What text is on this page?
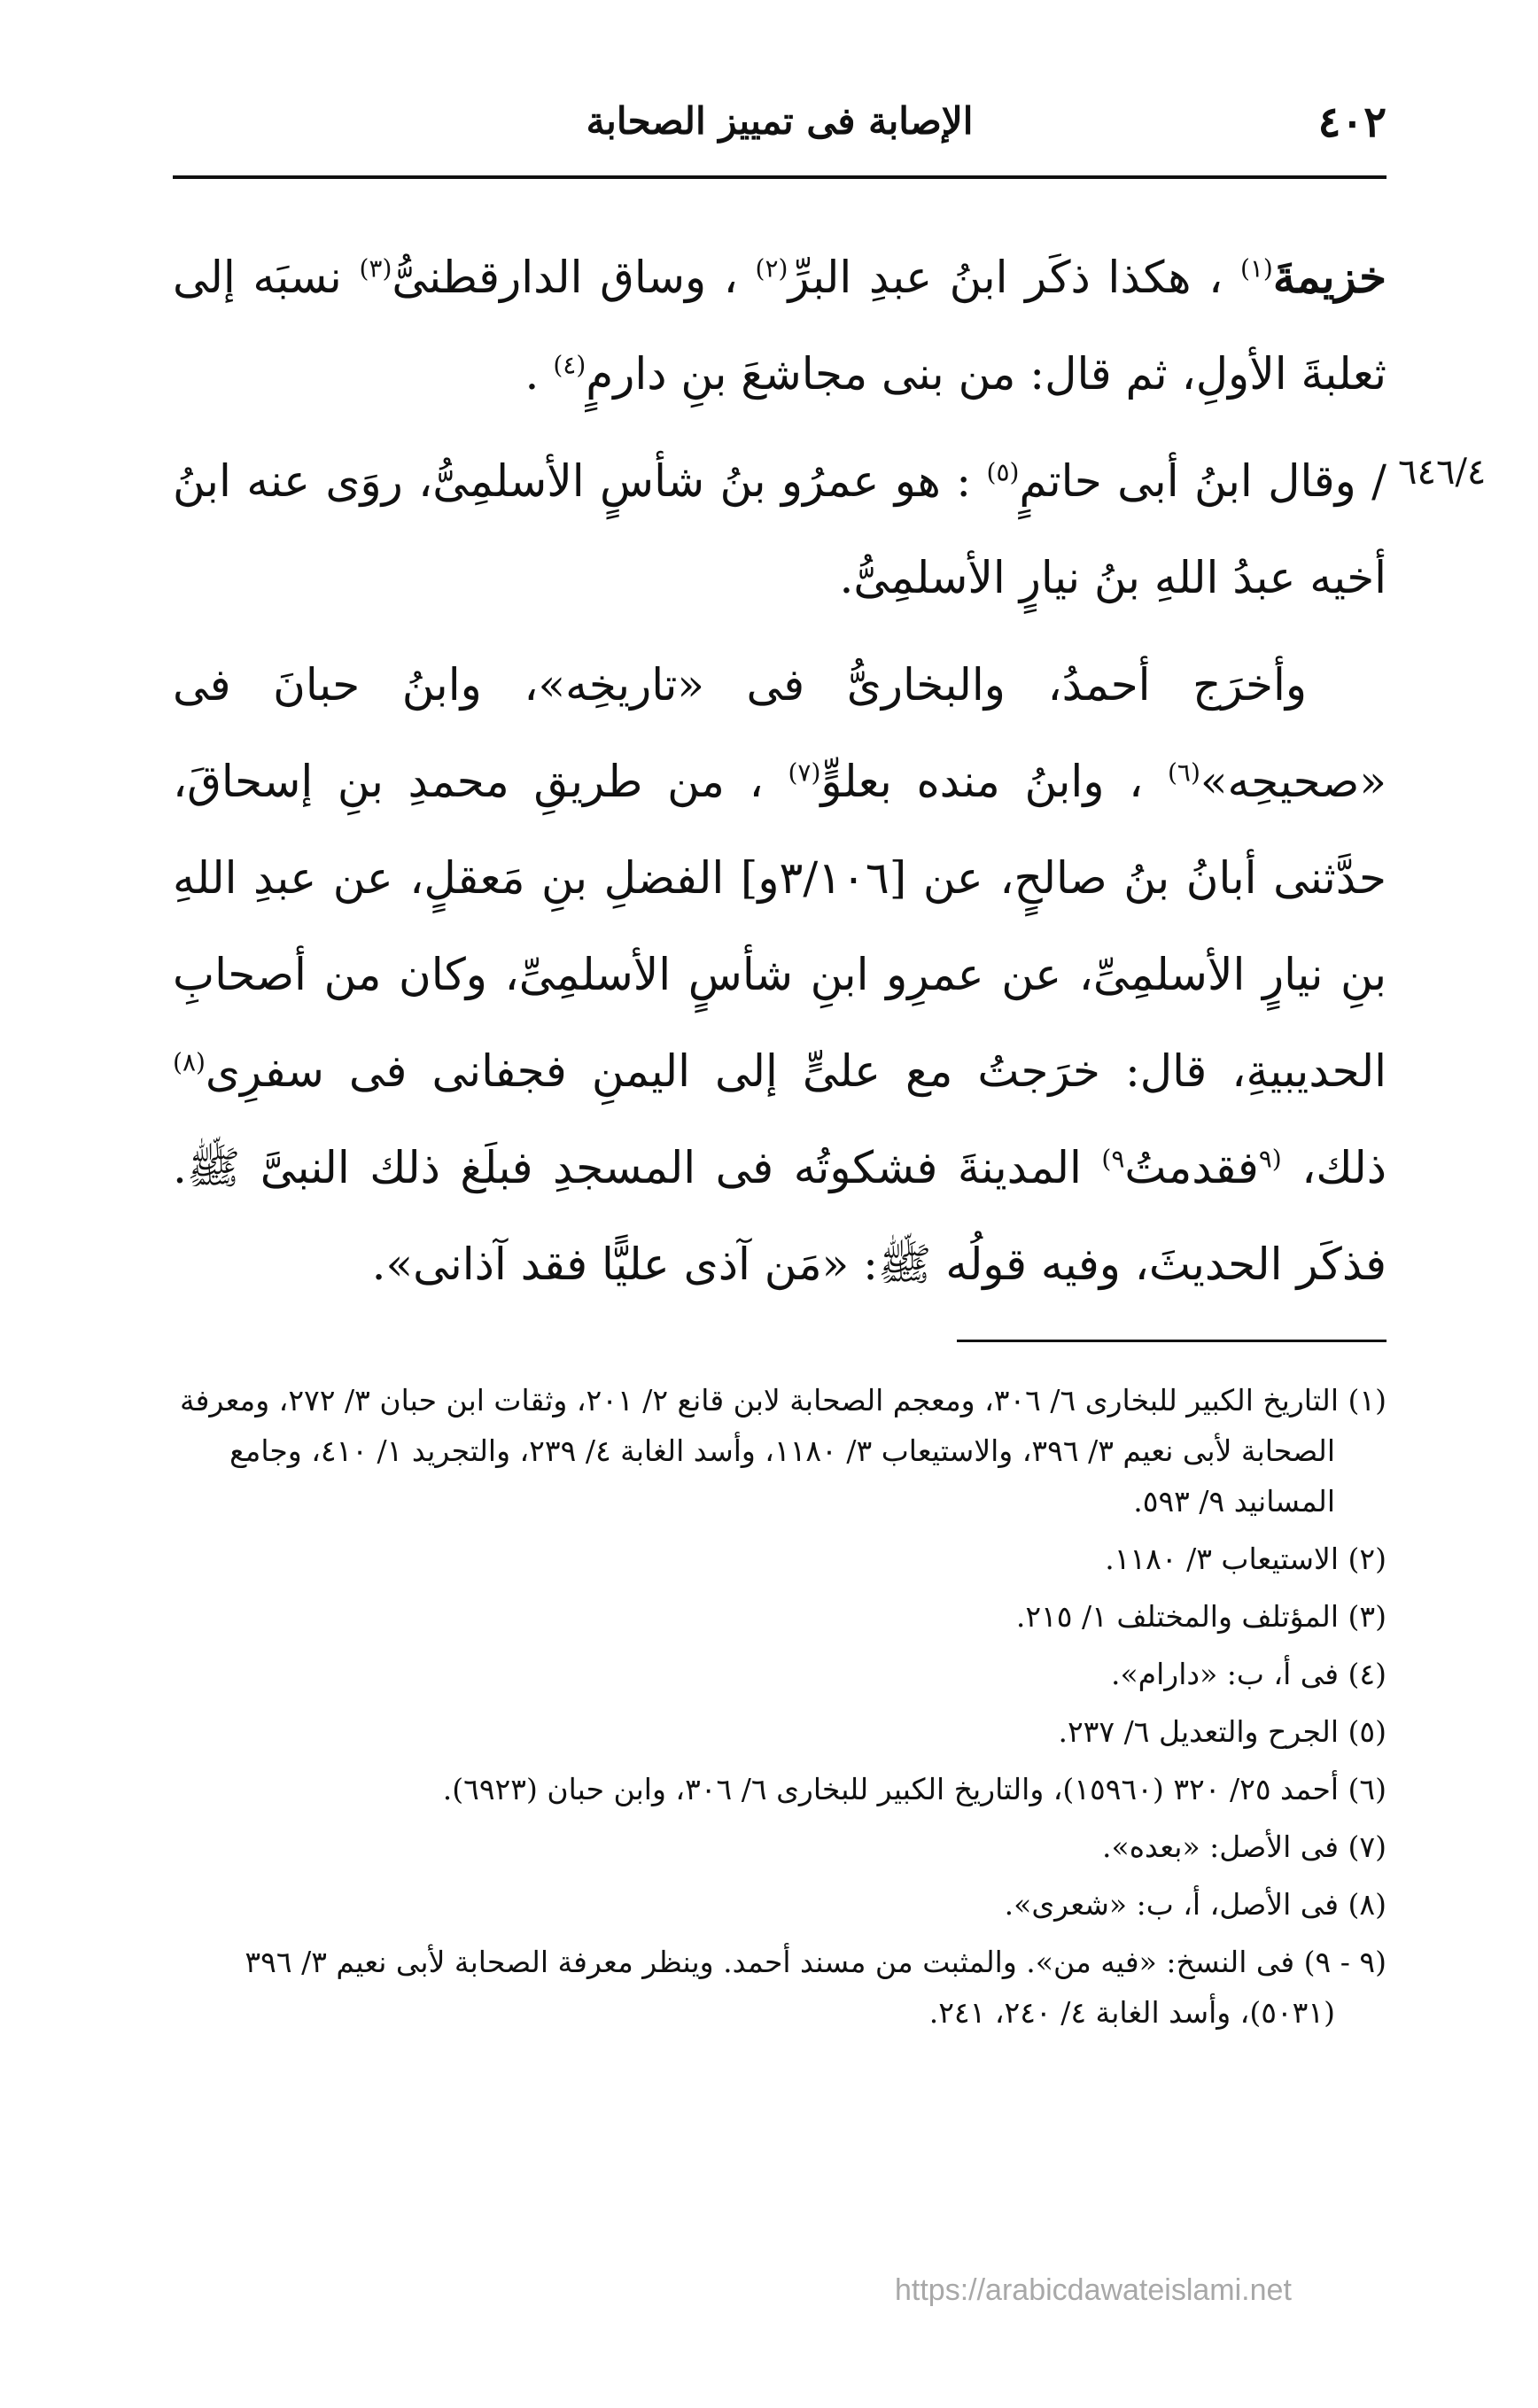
٤٠٢
الإصابة فى تمييز الصحابة
٦٤٦/٤

خزيمةَ$^{(١)}$ ، هكذا ذكَر ابنُ عبدِ البرِّ$^{(٢)}$ ، وساق الدارقطنىُّ$^{(٣)}$ نسبَه إلى ثعلبةَ الأولِ، ثم قال: من بنى مجاشعَ بنِ دارمٍ$^{(٤)}$ .

/ وقال ابنُ أبى حاتمٍ$^{(٥)}$ : هو عمرُو بنُ شأسٍ الأسلمِىُّ، روَى عنه ابنُ أخيه عبدُ اللهِ بنُ نيارٍ الأسلمِىُّ.

وأخرَج أحمدُ، والبخارىُّ فى «تاريخِه»، وابنُ حبانَ فى «صحيحِه»$^{(٦)}$ ، وابنُ منده بعلوٍّ$^{(٧)}$ ، من طريقِ محمدِ بنِ إسحاقَ، حدَّثنى أبانُ بنُ صالحٍ، عن [٣/١٠٦و] الفضلِ بنِ مَعقلٍ، عن عبدِ اللهِ بنِ نيارٍ الأسلمِىِّ، عن عمرِو ابنِ شأسٍ الأسلمِىِّ، وكان من أصحابِ الحديبيةِ، قال: خرَجتُ مع علىٍّ إلى اليمنِ فجفانى فى سفرِى$^{(٨)}$ ذلك، $^{(٩}$فقدمتُ$^{٩)}$ المدينةَ فشكوتُه فى المسجدِ فبلَغ ذلك النبىَّ ﷺ. فذكَر الحديثَ، وفيه قولُه ﷺ: «مَن آذى عليًّا فقد آذانى».

(١) التاريخ الكبير للبخارى ٦/ ٣٠٦، ومعجم الصحابة لابن قانع ٢/ ٢٠١، وثقات ابن حبان ٣/ ٢٧٢، ومعرفة الصحابة لأبى نعيم ٣/ ٣٩٦، والاستيعاب ٣/ ١١٨٠، وأسد الغابة ٤/ ٢٣٩، والتجريد ١/ ٤١٠، وجامع المسانيد ٩/ ٥٩٣.

(٢) الاستيعاب ٣/ ١١٨٠.

(٣) المؤتلف والمختلف ١/ ٢١٥.

(٤) فى أ، ب: «دارام».

(٥) الجرح والتعديل ٦/ ٢٣٧.

(٦) أحمد ٢٥/ ٣٢٠ (١٥٩٦٠)، والتاريخ الكبير للبخارى ٦/ ٣٠٦، وابن حبان (٦٩٢٣).

(٧) فى الأصل: «بعده».

(٨) فى الأصل، أ، ب: «شعرى».

(٩ - ٩) فى النسخ: «فيه من». والمثبت من مسند أحمد. وينظر معرفة الصحابة لأبى نعيم ٣/ ٣٩٦ (٥٠٣١)، وأسد الغابة ٤/ ٢٤٠، ٢٤١.

https://arabicdawateislami.net
